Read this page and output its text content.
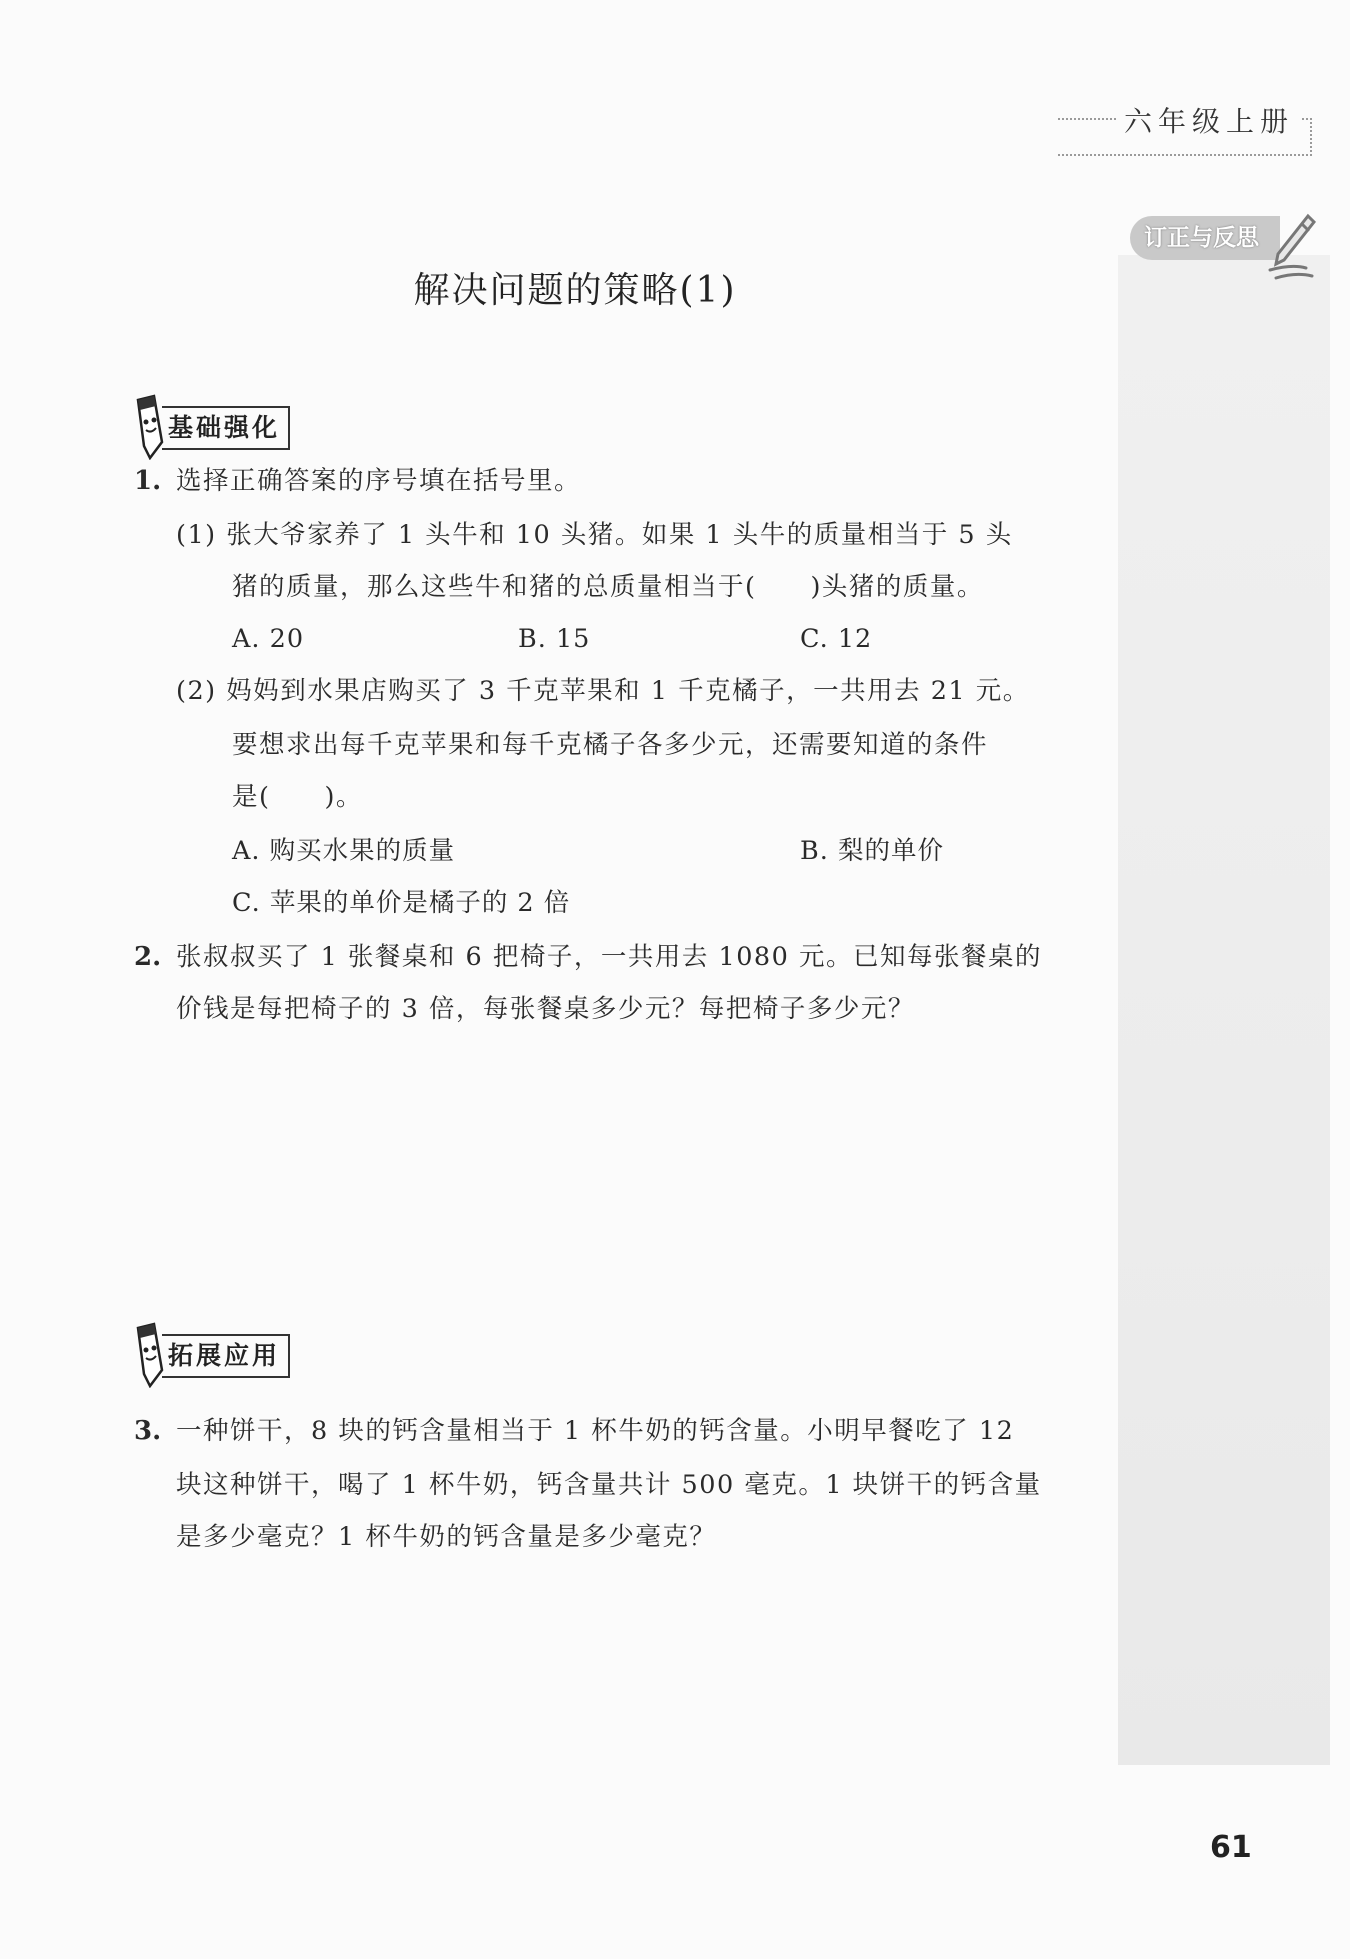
六年级上册
订正与反思
解决问题的策略(1)
基础强化
1. 选择正确答案的序号填在括号里。
(1) 张大爷家养了 1 头牛和 10 头猪。如果 1 头牛的质量相当于 5 头
猪的质量，那么这些牛和猪的总质量相当于(　　)头猪的质量。
A. 20	B. 15	C. 12
(2) 妈妈到水果店购买了 3 千克苹果和 1 千克橘子，一共用去 21 元。
要想求出每千克苹果和每千克橘子各多少元，还需要知道的条件
是(　　)。
A. 购买水果的质量	B. 梨的单价
C. 苹果的单价是橘子的 2 倍
2. 张叔叔买了 1 张餐桌和 6 把椅子，一共用去 1080 元。已知每张餐桌的
价钱是每把椅子的 3 倍，每张餐桌多少元？每把椅子多少元？
拓展应用
3. 一种饼干，8 块的钙含量相当于 1 杯牛奶的钙含量。小明早餐吃了 12
块这种饼干，喝了 1 杯牛奶，钙含量共计 500 毫克。1 块饼干的钙含量
是多少毫克？1 杯牛奶的钙含量是多少毫克？
61
